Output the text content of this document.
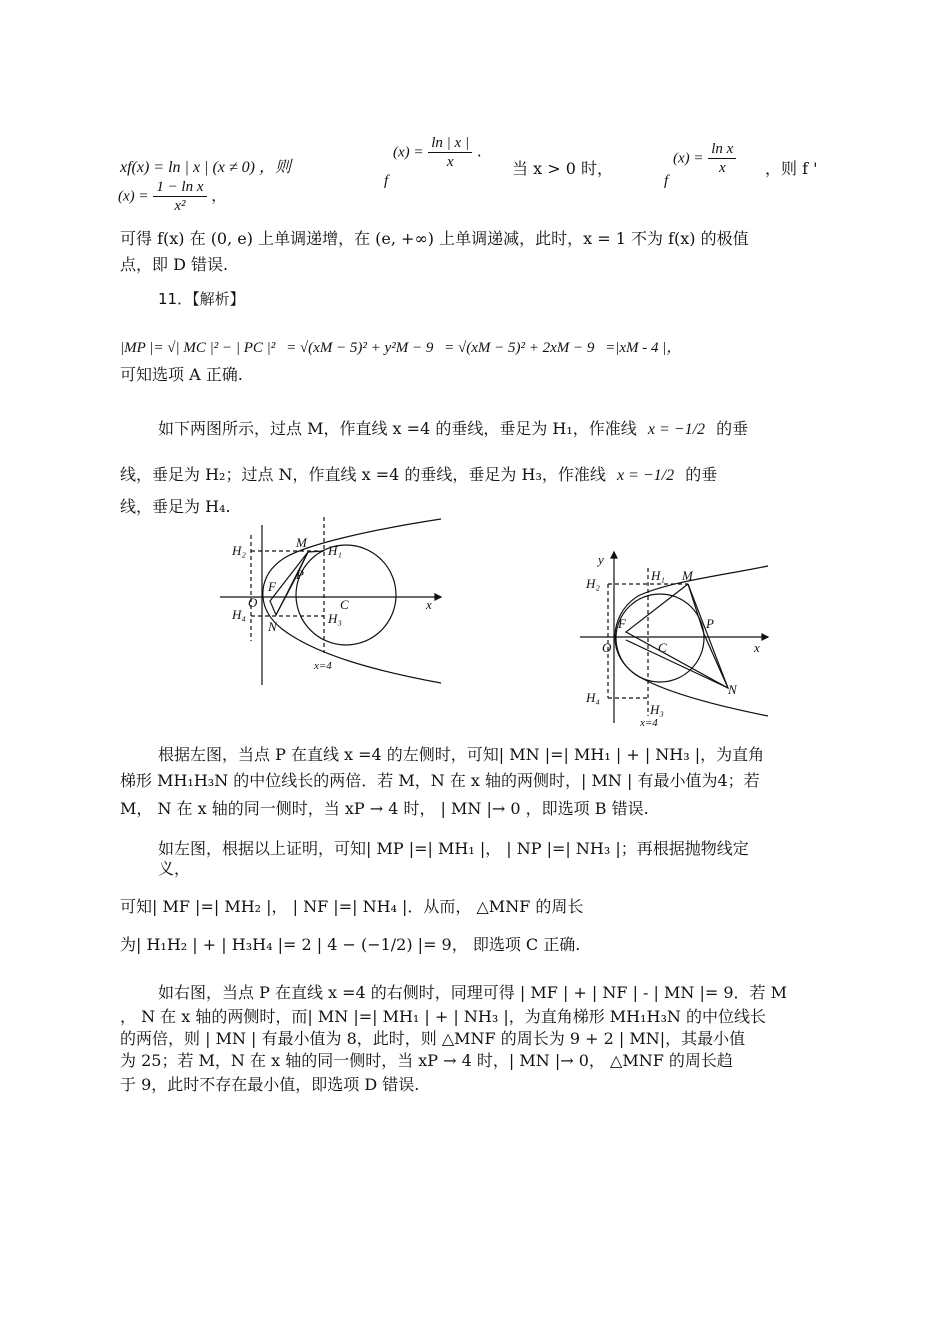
xf(x) = ln | x | (x ≠ 0) ，则
f $(x) = \frac{\ln | x |}{x}$ .
当 x > 0 时，
f $(x) = \frac{\text{ln x}}{x}$ ，则 f '
$(x) = \frac{\text{1 − ln x}}{\text{x²}}$ ，
可得 f(x) 在 (0, e) 上单调递增，在 (e, +∞) 上单调递减，此时，x = 1 不为 f(x) 的极值
点，即 D 错误.
11．【解析】
|MP |= √| MC |² − | PC |² = √(xM − 5)² + y²M − 9 = √(xM − 5)² + 2xM − 9 =|xM - 4 |，
可知选项 A 正确.
如下两图所示，过点 M，作直线 x =4 的垂线，垂足为 H₁，作准线 x = −1/2 的垂
线，垂足为 H₂；过点 N，作直线 x =4 的垂线，垂足为 H₃，作准线 x = −1/2 的垂
线，垂足为 H₄.
H₂
M
H₁
F
P
O	C	x
H₄
N
H₃
x=4
y
H₂
H₁ M
F	P
O	C	x
N
H₄
H₃
x=4
根据左图，当点 P 在直线 x =4 的左侧时，可知| MN |=| MH₁ | + | NH₃ |，为直角
梯形 MH₁H₃N 的中位线长的两倍．若 M，N 在 x 轴的两侧时，| MN | 有最小值为4；若
M， N 在 x 轴的同一侧时，当 xP → 4 时， | MN |→ 0 ，即选项 B 错误.
如左图，根据以上证明，可知| MP |=| MH₁ |， | NP |=| NH₃ |；再根据抛物线定
义，
可知| MF |=| MH₂ |， | NF |=| NH₄ |．从而， △MNF 的周长
为| H₁H₂ | + | H₃H₄ |= 2 | 4 − (−1/2) |= 9， 即选项 C 正确.
如右图，当点 P 在直线 x =4 的右侧时，同理可得 | MF | + | NF | - | MN |= 9．若 M
， N 在 x 轴的两侧时，而| MN |=| MH₁ | + | NH₃ |，为直角梯形 MH₁H₃N 的中位线长
的两倍，则 | MN | 有最小值为 8，此时，则 △MNF 的周长为 9 + 2 | MN|，其最小值
为 25；若 M，N 在 x 轴的同一侧时，当 xP → 4 时，| MN |→ 0， △MNF 的周长趋
于 9，此时不存在最小值，即选项 D 错误.
